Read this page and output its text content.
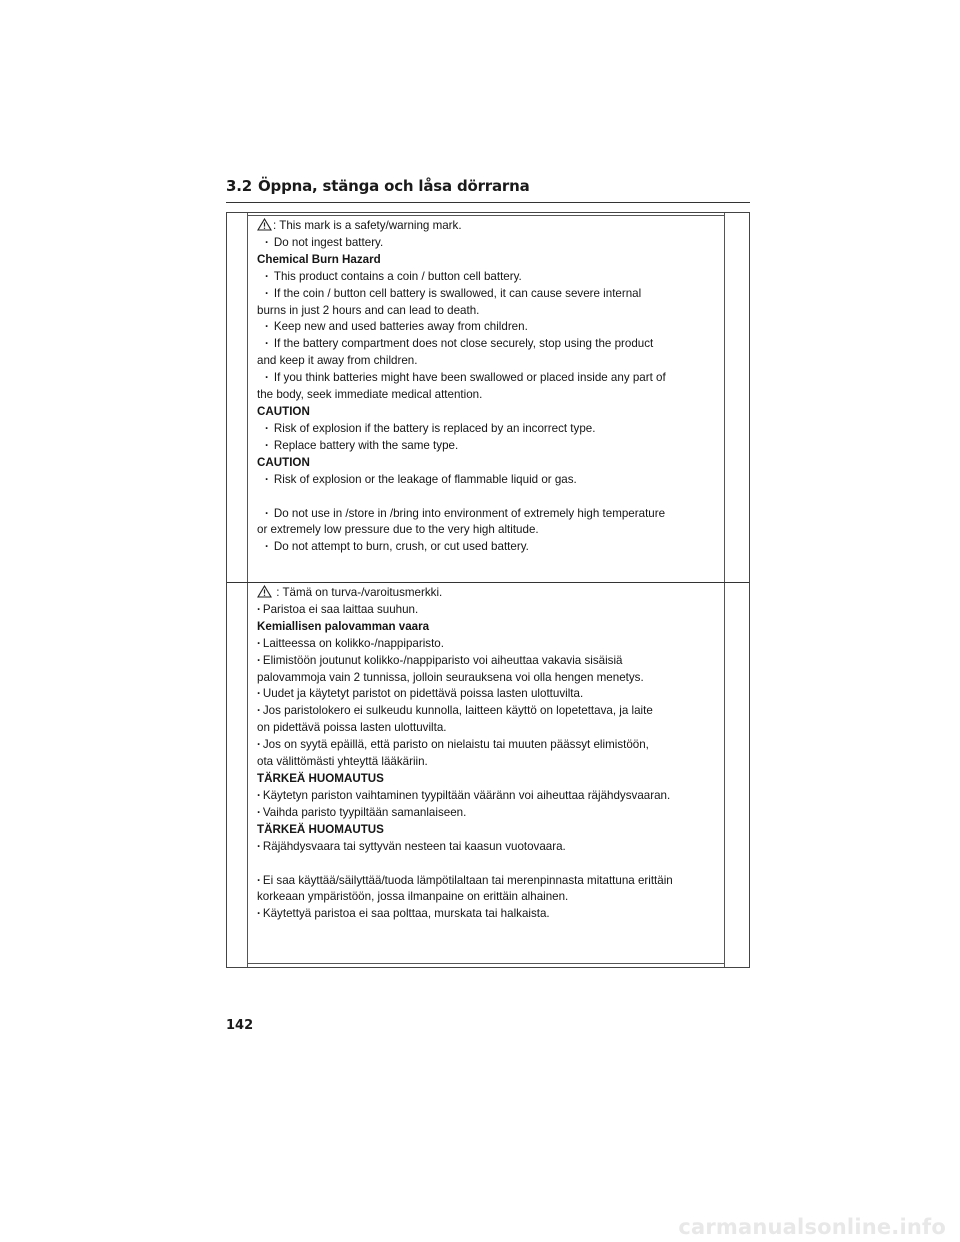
3.2 Öppna, stänga och låsa dörrarna
: This mark is a safety/warning mark.
· Do not ingest battery.
Chemical Burn Hazard
· This product contains a coin / button cell battery.
· If the coin / button cell battery is swallowed, it can cause severe internal
burns in just 2 hours and can lead to death.
· Keep new and used batteries away from children.
· If the battery compartment does not close securely, stop using the product
and keep it away from children.
· If you think batteries might have been swallowed or placed inside any part of
the body, seek immediate medical attention.
CAUTION
· Risk of explosion if the battery is replaced by an incorrect type.
· Replace battery with the same type.
CAUTION
· Risk of explosion or the leakage of flammable liquid or gas.
· Do not use in /store in /bring into environment of extremely high temperature
or extremely low pressure due to the very high altitude.
· Do not attempt to burn, crush, or cut used battery.
: Tämä on turva-/varoitusmerkki.
· Paristoa ei saa laittaa suuhun.
Kemiallisen palovamman vaara
· Laitteessa on kolikko-/nappiparisto.
· Elimistöön joutunut kolikko-/nappiparisto voi aiheuttaa vakavia sisäisiä
palovammoja vain 2 tunnissa, jolloin seurauksena voi olla hengen menetys.
· Uudet ja käytetyt paristot on pidettävä poissa lasten ulottuvilta.
· Jos paristolokero ei sulkeudu kunnolla, laitteen käyttö on lopetettava, ja laite
on pidettävä poissa lasten ulottuvilta.
· Jos on syytä epäillä, että paristo on nielaistu tai muuten päässyt elimistöön,
ota välittömästi yhteyttä lääkäriin.
TÄRKEÄ HUOMAUTUS
· Käytetyn pariston vaihtaminen tyypiltään vääränn voi aiheuttaa räjähdysvaaran.
· Vaihda paristo tyypiltään samanlaiseen.
TÄRKEÄ HUOMAUTUS
· Räjähdysvaara tai syttyvän nesteen tai kaasun vuotovaara.
· Ei saa käyttää/säilyttää/tuoda lämpötilaltaan tai merenpinnasta mitattuna erittäin
korkeaan ympäristöön, jossa ilmanpaine on erittäin alhainen.
· Käytettyä paristoa ei saa polttaa, murskata tai halkaista.
142
carmanualsonline.info
